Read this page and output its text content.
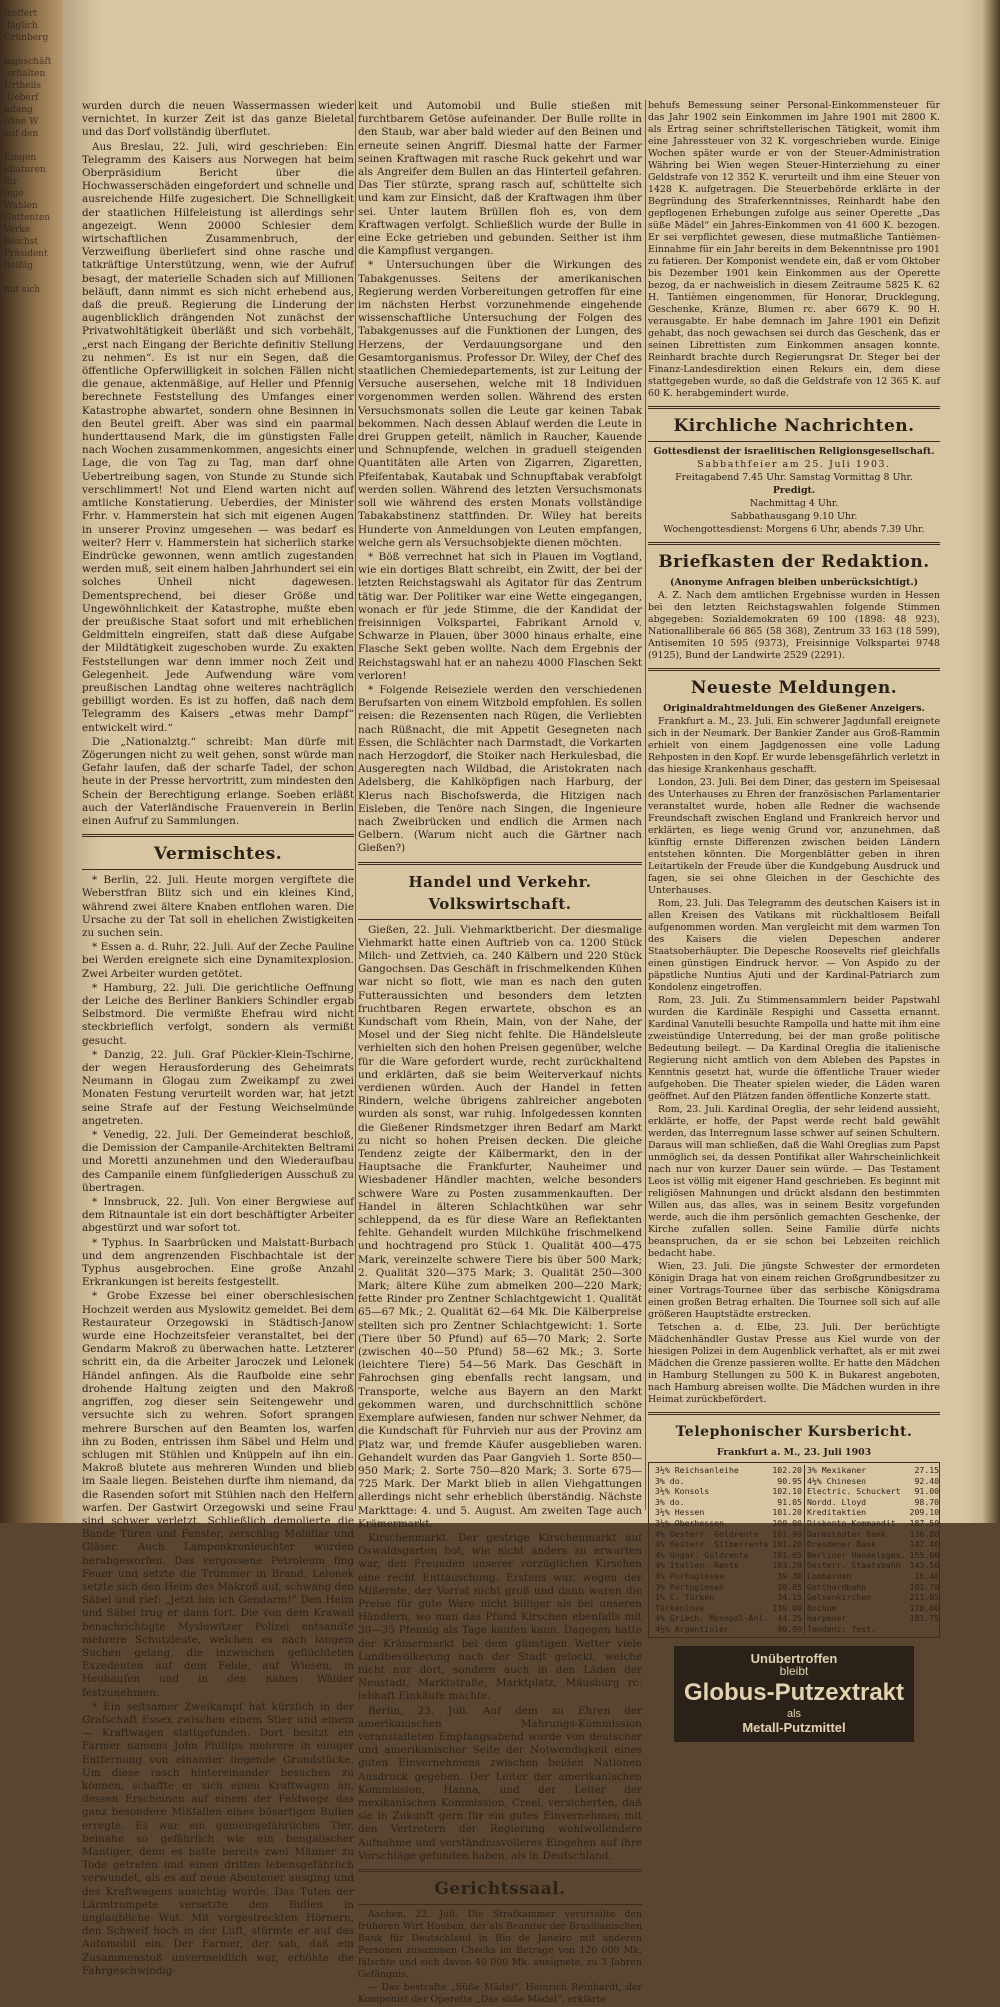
troffert
fäglich
Grünberg

mgeschäft
erhalten
Urtheils
Ueberf
mfang
ohne W
auf den

Eingen
idiaturen
für
inge
Wahlen
Guttenten
Verke
Reichst
Präsident
fleißig

mit sich

wurden durch die neuen Wassermassen wieder vernichtet. In kurzer Zeit ist das ganze Bieletal und das Dorf vollständig überflutet.

Aus Breslau, 22. Juli, wird geschrieben: Ein Telegramm des Kaisers aus Norwegen hat beim Oberpräsidium Bericht über die Hochwasserschäden eingefordert und schnelle und ausreichende Hilfe zugesichert. Die Schnelligkeit der staatlichen Hilfeleistung ist allerdings sehr angezeigt. Wenn 20000 Schlesier dem wirtschaftlichen Zusammenbruch, der Verzweiflung überliefert sind ohne rasche und tatkräftige Unterstützung, wenn, wie der Aufruf besagt, der materielle Schaden sich auf Millionen beläuft, dann nimmt es sich nicht erhebend aus, daß die preuß. Regierung die Linderung der augenblicklich drängenden Not zunächst der Privatwohltätigkeit überläßt und sich vorbehält, „erst nach Eingang der Berichte definitiv Stellung zu nehmen“. Es ist nur ein Segen, daß die öffentliche Opferwilligkeit in solchen Fällen nicht die genaue, aktenmäßige, auf Heller und Pfennig berechnete Feststellung des Umfanges einer Katastrophe abwartet, sondern ohne Besinnen in den Beutel greift. Aber was sind ein paarmal hunderttausend Mark, die im günstigsten Falle nach Wochen zusammenkommen, angesichts einer Lage, die von Tag zu Tag, man darf ohne Uebertreibung sagen, von Stunde zu Stunde sich verschlimmert! Not und Elend warten nicht auf amtliche Konstatierung. Ueberdies, der Minister Frhr. v. Hammerstein hat sich mit eigenen Augen in unserer Provinz umgesehen — was bedarf es weiter? Herr v. Hammerstein hat sicherlich starke Eindrücke gewonnen, wenn amtlich zugestanden werden muß, seit einem halben Jahrhundert sei ein solches Unheil nicht dagewesen. Dementsprechend, bei dieser Größe und Ungewöhnlichkeit der Katastrophe, mußte eben der preußische Staat sofort und mit erheblichen Geldmitteln eingreifen, statt daß diese Aufgabe der Mildtätigkeit zugeschoben wurde. Zu exakten Feststellungen war denn immer noch Zeit und Gelegenheit. Jede Aufwendung wäre vom preußischen Landtag ohne weiteres nachträglich gebilligt worden. Es ist zu hoffen, daß nach dem Telegramm des Kaisers „etwas mehr Dampf“ entwickelt wird.“

Die „Nationalztg.“ schreibt: Man dürfe mit Zögerungen nicht zu weit gehen, sonst würde man Gefahr laufen, daß der scharfe Tadel, der schon heute in der Presse hervortritt, zum mindesten den Schein der Berechtigung erlange. Soeben erläßt auch der Vaterländische Frauenverein in Berlin einen Aufruf zu Sammlungen.

Vermischtes.

* Berlin, 22. Juli. Heute morgen vergiftete die Weberstfran Blitz sich und ein kleines Kind, während zwei ältere Knaben entflohen waren. Die Ursache zu der Tat soll in ehelichen Zwistigkeiten zu suchen sein.

* Essen a. d. Ruhr, 22. Juli. Auf der Zeche Pauline bei Werden ereignete sich eine Dynamitexplosion. Zwei Arbeiter wurden getötet.

* Hamburg, 22. Juli. Die gerichtliche Oeffnung der Leiche des Berliner Bankiers Schindler ergab Selbstmord. Die vermißte Ehefrau wird nicht steckbrieflich verfolgt, sondern als vermißt gesucht.

* Danzig, 22. Juli. Graf Pückler-Klein-Tschirne, der wegen Herausforderung des Geheimrats Neumann in Glogau zum Zweikampf zu zwei Monaten Festung verurteilt worden war, hat jetzt seine Strafe auf der Festung Weichselmünde angetreten.

* Venedig, 22. Juli. Der Gemeinderat beschloß, die Demission der Campanile-Architekten Beltrami und Moretti anzunehmen und den Wiederaufbau des Campanile einem fünfgliederigen Ausschuß zu übertragen.

* Innsbruck, 22. Juli. Von einer Bergwiese auf dem Ritnauntale ist ein dort beschäftigter Arbeiter abgestürzt und war sofort tot.

* Typhus. In Saarbrücken und Malstatt-Burbach und dem angrenzenden Fischbachtale ist der Typhus ausgebrochen. Eine große Anzahl Erkrankungen ist bereits festgestellt.

* Grobe Exzesse bei einer oberschlesischen Hochzeit werden aus Myslowitz gemeldet. Bei dem Restaurateur Orzegowski in Städtisch-Janow wurde eine Hochzeitsfeier veranstaltet, bei der Gendarm Makroß zu überwachen hatte. Letzterer schritt ein, da die Arbeiter Jaroczek und Lelonek Händel anfingen. Als die Raufbolde eine sehr drohende Haltung zeigten und den Makroß angriffen, zog dieser sein Seitengewehr und versuchte sich zu wehren. Sofort sprangen mehrere Burschen auf den Beamten los, warfen ihn zu Boden, entrissen ihm Säbel und Helm und schlugen mit Stühlen und Knüppeln auf ihn ein. Makroß blutete aus mehreren Wunden und blieb im Saale liegen. Beistehen durfte ihm niemand, da die Rasenden sofort mit Stühlen nach den Helfern warfen. Der Gastwirt Orzegowski und seine Frau sind schwer verletzt. Schließlich demolierte die Bande Türen und Fenster, zerschlug Mobiliar und Gläser. Auch Lampenkronleuchter wurden herabgeworfen. Das vergossene Petroleum fing Feuer und setzte die Trümmer in Brand. Lelonek setzte sich den Helm des Makroß auf, schwang den Säbel und rief: „Jetzt bin ich Gendarm!“ Den Helm und Säbel trug er dann fort. Die von dem Krawall benachrichtigte Myslowitzer Polizei entsandte mehrere Schutzleute, welchen es nach langem Suchen gelang, die inzwischen geflüchteten Exzedenten auf dem Felde, auf Wiesen, in Heuhaufen und in den nahen Wälder festzunehmen.

* Ein seltsamer Zweikampf hat kürzlich in der Grafschaft Essex zwischen einem Stier und einem — Kraftwagen stattgefunden. Dort besitzt ein Farmer namens John Phillips mehrere in einiger Entfernung von einander liegende Grundstücke. Um diese rasch hintereinander besuchen zu können, schaffte er sich einen Kraftwagen an, dessen Erscheinen auf einem der Feldwege das ganz besondere Mißfallen eines bösartigen Bullen erregte. Es war ein gemeingefährliches Tier, beinahe so gefährlich wie ein bengalischer Mantiger, denn es hatte bereits zwei Männer zu Tode getreten und einen dritten lebensgefährlich verwundet, als es auf neue Abenteuer ausging und des Kraftwagens ansichtig wurde. Das Tuten der Lärmtrompete versetzte den Bullen in unglaubliche Wut. Mit vorgestreckten Hörnern, den Schweif hoch in der Luft, stürmte er auf das Automobil ein. Der Farmer, der sah, daß ein Zusammenstoß unvermeidlich war, erhöhte die Fahrgeschwindig-

keit und Automobil und Bulle stießen mit furchtbarem Getöse aufeinander. Der Bulle rollte in den Staub, war aber bald wieder auf den Beinen und erneute seinen Angriff. Diesmal hatte der Farmer seinen Kraftwagen mit rasche Ruck gekehrt und war als Angreifer dem Bullen an das Hinterteil gefahren. Das Tier stürzte, sprang rasch auf, schüttelte sich und kam zur Einsicht, daß der Kraftwagen ihm über sei. Unter lautem Brüllen floh es, von dem Kraftwagen verfolgt. Schließlich wurde der Bulle in eine Ecke getrieben und gebunden. Seither ist ihm die Kampflust vergangen.

* Untersuchungen über die Wirkungen des Tabakgenusses. Seitens der amerikanischen Regierung werden Vorbereitungen getroffen für eine im nächsten Herbst vorzunehmende eingehende wissenschaftliche Untersuchung der Folgen des Tabakgenusses auf die Funktionen der Lungen, des Herzens, der Verdauungsorgane und den Gesamtorganismus. Professor Dr. Wiley, der Chef des staatlichen Chemiedepartements, ist zur Leitung der Versuche ausersehen, welche mit 18 Individuen vorgenommen werden sollen. Während des ersten Versuchsmonats sollen die Leute gar keinen Tabak bekommen. Nach dessen Ablauf werden die Leute in drei Gruppen geteilt, nämlich in Raucher, Kauende und Schnupfende, welchen in graduell steigenden Quantitäten alle Arten von Zigarren, Zigaretten, Pfeifentabak, Kautabak und Schnupftabak verabfolgt werden sollen. Während des letzten Versuchsmonats soll wie während des ersten Monats vollständige Tabakabstinenz stattfinden. Dr. Wiley hat bereits Hunderte von Anmeldungen von Leuten empfangen, welche gern als Versuchsobjekte dienen möchten.

* Böß verrechnet hat sich in Plauen im Vogtland, wie ein dortiges Blatt schreibt, ein Zwitt, der bei der letzten Reichstagswahl als Agitator für das Zentrum tätig war. Der Politiker war eine Wette eingegangen, wonach er für jede Stimme, die der Kandidat der freisinnigen Volkspartei, Fabrikant Arnold v. Schwarze in Plauen, über 3000 hinaus erhalte, eine Flasche Sekt geben wollte. Nach dem Ergebnis der Reichstagswahl hat er an nahezu 4000 Flaschen Sekt verloren!

* Folgende Reiseziele werden den verschiedenen Berufsarten von einem Witzbold empfohlen. Es sollen reisen: die Rezensenten nach Rügen, die Verliebten nach Rüßnacht, die mit Appetit Gesegneten nach Essen, die Schlächter nach Darmstadt, die Vorkarten nach Herzogdorf, die Stoiker nach Herkulesbad, die Ausgeregten nach Wildbad, die Aristokraten nach Adelsberg, die Kahlköpfigen nach Harburg, der Klerus nach Bischofswerda, die Hitzigen nach Eisleben, die Tenöre nach Singen, die Ingenieure nach Zweibrücken und endlich die Armen nach Gelbern. (Warum nicht auch die Gärtner nach Gießen?)

Handel und Verkehr. Volkswirtschaft.

Gießen, 22. Juli. Viehmarktbericht. Der diesmalige Viehmarkt hatte einen Auftrieb von ca. 1200 Stück Milch- und Zettvieh, ca. 240 Kälbern und 220 Stück Gangochsen. Das Geschäft in frischmelkenden Kühen war nicht so flott, wie man es nach den guten Futteraussichten und besonders dem letzten fruchtbaren Regen erwartete, obschon es an Kundschaft vom Rhein, Main, von der Nahe, der Mosel und der Sieg nicht fehlte. Die Händelsleute verhielten sich den hohen Preisen gegenüber, welche für die Ware gefordert wurde, recht zurückhaltend und erklärten, daß sie beim Weiterverkauf nichts verdienen würden. Auch der Handel in fetten Rindern, welche übrigens zahlreicher angeboten wurden als sonst, war ruhig. Infolgedessen konnten die Gießener Rindsmetzger ihren Bedarf am Markt zu nicht so hohen Preisen decken. Die gleiche Tendenz zeigte der Kälbermarkt, den in der Hauptsache die Frankfurter, Nauheimer und Wiesbadener Händler machten, welche besonders schwere Ware zu Posten zusammenkauften. Der Handel in älteren Schlachtkühen war sehr schleppend, da es für diese Ware an Reflektanten fehlte. Gehandelt wurden Milchkühe frischmelkend und hochtragend pro Stück 1. Qualität 400—475 Mark, vereinzelte schwere Tiere bis über 500 Mark; 2. Qualität 320—375 Mark; 3. Qualität 250—300 Mark; ältere Kühe zum abmelken 200—220 Mark; fette Rinder pro Zentner Schlachtgewicht 1. Qualität 65—67 Mk.; 2. Qualität 62—64 Mk. Die Kälberpreise stellten sich pro Zentner Schlachtgewicht: 1. Sorte (Tiere über 50 Pfund) auf 65—70 Mark; 2. Sorte (zwischen 40—50 Pfund) 58—62 Mk.; 3. Sorte (leichtere Tiere) 54—56 Mark. Das Geschäft in Fahrochsen ging ebenfalls recht langsam, und Transporte, welche aus Bayern an den Markt gekommen waren, und durchschnittlich schöne Exemplare aufwiesen, fanden nur schwer Nehmer, da die Kundschaft für Fuhrvieh nur aus der Provinz am Platz war, und fremde Käufer ausgeblieben waren. Gehandelt wurden das Paar Gangvieh 1. Sorte 850—950 Mark; 2. Sorte 750—820 Mark; 3. Sorte 675—725 Mark. Der Markt blieb in allen Viehgattungen allerdings nicht sehr erheblich überständig. Nächste Markttage: 4. und 5. August. Am zweiten Tage auch Krämermarkt.

Kirschenmarkt. Der gestrige Kirschenmarkt auf Oswaldsgarten bot, wie nicht anders zu erwarten war, den Freunden unserer vorzüglichen Kirschen eine recht Enttäuschung. Erstens war, wegen der Mißernte, der Vorrat nicht groß und dann waren die Preise für gute Ware nicht billiger als bei unseren Händlern, wo man das Pfund Kirschen ebenfalls mit 30—35 Pfennig als Tage kaufen kann. Dagegen hatte der Krämermarkt bei dem günstigen Wetter viele Landbevölkerung nach der Stadt gelockt, welche nicht nur dort, sondern auch in den Läden der Neustadt, Marktstraße, Marktplatz, Mäusburg rc. lebhaft Einkäufe machte.

Berlin, 23. Juli. Auf dem zu Ehren der amerikanischen Mahrungs-Kommission veranstalteten Empfangsabend wurde von deutscher und amerikanischer Seite der Notwendigkeit eines guten Einvernehmens zwischen beiden Nationen Ausdruck gegeben. Der Leiter der amerikanischen Kommission, Hanna, und der Leiter der mexikanischen Kommission, Creel, versicherten, daß sie in Zukunft gern für ein gutes Einvernehmen mit den Vertretern der Regierung wohlwollendere Aufnahme und verständnisvolleres Eingehen auf ihre Vorschläge gefunden haben, als in Deutschland.

Gerichtssaal.

Aachen, 22. Juli. Die Strafkammer verurteilte den früheren Wirt Houben, der als Beamter der Brasilianischen Bank für Deutschland in Rio de Janeiro mit anderen Personen zusammen Checks im Betrage von 120 000 Mk. fälschte und sich davon 40 000 Mk. aneignete, zu 3 Jahren Gefängnis.

— Das bestrafte „Süße Mädel“. Heinrich Reinhardt, der Komponist der Operette „Das süße Mädel“, erklärte

behufs Bemessung seiner Personal-Einkommensteuer für das Jahr 1902 sein Einkommen im Jahre 1901 mit 2800 K. als Ertrag seiner schriftstellerischen Tätigkeit, womit ihm eine Jahressteuer von 32 K. vorgeschrieben wurde. Einige Wochen später wurde er von der Steuer-Administration Währing bei Wien wegen Steuer-Hinterziehung zu einer Geldstrafe von 12 352 K. verurteilt und ihm eine Steuer von 1428 K. aufgetragen. Die Steuerbehörde erklärte in der Begründung des Straferkenntnisses, Reinhardt habe den gepflogenen Erhebungen zufolge aus seiner Operette „Das süße Mädel“ ein Jahres-Einkommen von 41 600 K. bezogen. Er sei verpflichtet gewesen, diese mutmaßliche Tantièmen-Einnahme für ein Jahr bereits in dem Bekenntnisse pro 1901 zu fatieren. Der Komponist wendete ein, daß er vom Oktober bis Dezember 1901 kein Einkommen aus der Operette bezog, da er nachweislich in diesem Zeitraume 5825 K. 62 H. Tantièmen eingenommen, für Honorar, Drucklegung, Geschenke, Kränze, Blumen rc. aber 6679 K. 90 H. verausgabte. Er habe demnach im Jahre 1901 ein Defizit gehabt, das noch gewachsen sei durch das Geschenk, das er seinen Librettisten zum Einkommen ansagen konnte. Reinhardt brachte durch Regierungsrat Dr. Steger bei der Finanz-Landesdirektion einen Rekurs ein, dem diese stattgegeben wurde, so daß die Geldstrafe von 12 365 K. auf 60 K. herabgemindert wurde.

Kirchliche Nachrichten.

Gottesdienst der israelitischen Religionsgesellschaft.

Sabbathfeier am 25. Juli 1903.

Freitagabend 7.45 Uhr. Samstag Vormittag 8 Uhr.

Predigt.

Nachmittag 4 Uhr.

Sabbathausgang 9.10 Uhr.

Wochengottesdienst: Morgens 6 Uhr, abends 7.39 Uhr.

Briefkasten der Redaktion.

(Anonyme Anfragen bleiben unberücksichtigt.)

A. Z. Nach dem amtlichen Ergebnisse wurden in Hessen bei den letzten Reichstagswahlen folgende Stimmen abgegeben: Sozialdemokraten 69 100 (1898: 48 923), Nationalliberale 66 865 (58 368), Zentrum 33 163 (18 599), Antisemiten 10 595 (9373), Freisinnige Volkspartei 9748 (9125), Bund der Landwirte 2529 (2291).

Neueste Meldungen.

Originaldrahtmeldungen des Gießener Anzeigers.

Frankfurt a. M., 23. Juli. Ein schwerer Jagdunfall ereignete sich in der Neumark. Der Bankier Zander aus Groß-Rammin erhielt von einem Jagdgenossen eine volle Ladung Rehposten in den Kopf. Er wurde lebensgefährlich verletzt in das hiesige Krankenhaus geschafft.

London, 23. Juli. Bei dem Diner, das gestern im Speisesaal des Unterhauses zu Ehren der französischen Parlamentarier veranstaltet wurde, hoben alle Redner die wachsende Freundschaft zwischen England und Frankreich hervor und erklärten, es liege wenig Grund vor, anzunehmen, daß künftig ernste Differenzen zwischen beiden Ländern entstehen könnten. Die Morgenblätter geben in ihren Leitartikeln der Freude über die Kundgebung Ausdruck und fagen, sie sei ohne Gleichen in der Geschichte des Unterhauses.

Rom, 23. Juli. Das Telegramm des deutschen Kaisers ist in allen Kreisen des Vatikans mit rückhaltlosem Beifall aufgenommen worden. Man vergleicht mit dem warmen Ton des Kaisers die vielen Depeschen anderer Staatsoberhäupter. Die Depesche Roosevelts rief gleichfalls einen günstigen Eindruck hervor. — Von Aspido zu der päpstliche Nuntius Ajuti und der Kardinal-Patriarch zum Kondolenz eingetroffen.

Rom, 23. Juli. Zu Stimmensammlern beider Papstwahl wurden die Kardinäle Respighi und Cassetta ernannt. Kardinal Vanutelli besuchte Rampolla und hatte mit ihm eine zweistündige Unterredung, bei der man große politische Bedeutung beilegt. — Da Kardinal Oreglia die italienische Regierung nicht amtlich von dem Ableben des Papstes in Kenntnis gesetzt hat, wurde die öffentliche Trauer wieder aufgehoben. Die Theater spielen wieder, die Läden waren geöffnet. Auf den Plätzen fanden öffentliche Konzerte statt.

Rom, 23. Juli. Kardinal Oreglia, der sehr leidend aussieht, erklärte, er hoffe, der Papst werde recht bald gewählt werden, das Interregnum lasse schwer auf seinen Schultern. Daraus will man schließen, daß die Wahl Oreglias zum Papst unmöglich sei, da dessen Pontifikat aller Wahrscheinlichkeit nach nur von kurzer Dauer sein würde. — Das Testament Leos ist völlig mit eigener Hand geschrieben. Es beginnt mit religiösen Mahnungen und drückt alsdann den bestimmten Willen aus, das alles, was in seinem Besitz vorgefunden werde, auch die ihm persönlich gemachten Geschenke, der Kirche zufallen sollen. Seine Familie dürfe nichts beanspruchen, da er sie schon bei Lebzeiten reichlich bedacht habe.

Wien, 23. Juli. Die jüngste Schwester der ermordeten Königin Draga hat von einem reichen Großgrundbesitzer zu einer Vortrags-Tournee über das serbische Königsdrama einen großen Betrag erhalten. Die Tournee soll sich auf alle größeren Hauptstädte erstrecken.

Tetschen a. d. Elbe, 23. Juli. Der berüchtigte Mädchenhändler Gustav Presse aus Kiel wurde von der hiesigen Polizei in dem Augenblick verhaftet, als er mit zwei Mädchen die Grenze passieren wollte. Er hatte den Mädchen in Hamburg Stellungen zu 500 K. in Bukarest angeboten, nach Hamburg abreisen wollte. Die Mädchen wurden in ihre Heimat zurückbefördert.

Telephonischer Kursbericht.

Frankfurt a. M., 23. Juli 1903

3½% Reichsanleihe	102.20	3% Mexikaner	27.15
3% do.	90.95	4½% Chinesen	92.40
3½% Konsols	102.10	Electric. Schuckert	91.00
3% do.	91.05	Nordd. Lloyd	98.70
3½% Hessen	101.20	Kreditaktien	209.10
3½% Oberhessen	100.00	Diskonto-Kommandit	187.50
4% Oesterr. Goldrente	101.90	Darmstädter Bank	136.80
4% Oesterr. Silberrente	101.20	Dresdener Bank	147.40
4% Ungar. Goldrente	101.65	Berliner Handelsges.	155.00
4% Italien. Rente	103.20	Oesterr. Staatsbahn	143.50
4% Portugiesen	39.30	Lombarden	16.40
3% Portugiesen	30.85	Gotthardbahn	191.70
1% C. Türken	34.15	Gelsenkirchen	211.85
Türkenlose	139.00	Bochum	178.00
4% Griech. Monopol-Anl.	44.25	Harpener	181.75
4½% Argentinier	90.90	Tendenz: fest.	
Unübertroffen
bleibt
Globus-Putzextrakt
als
Metall-Putzmittel
